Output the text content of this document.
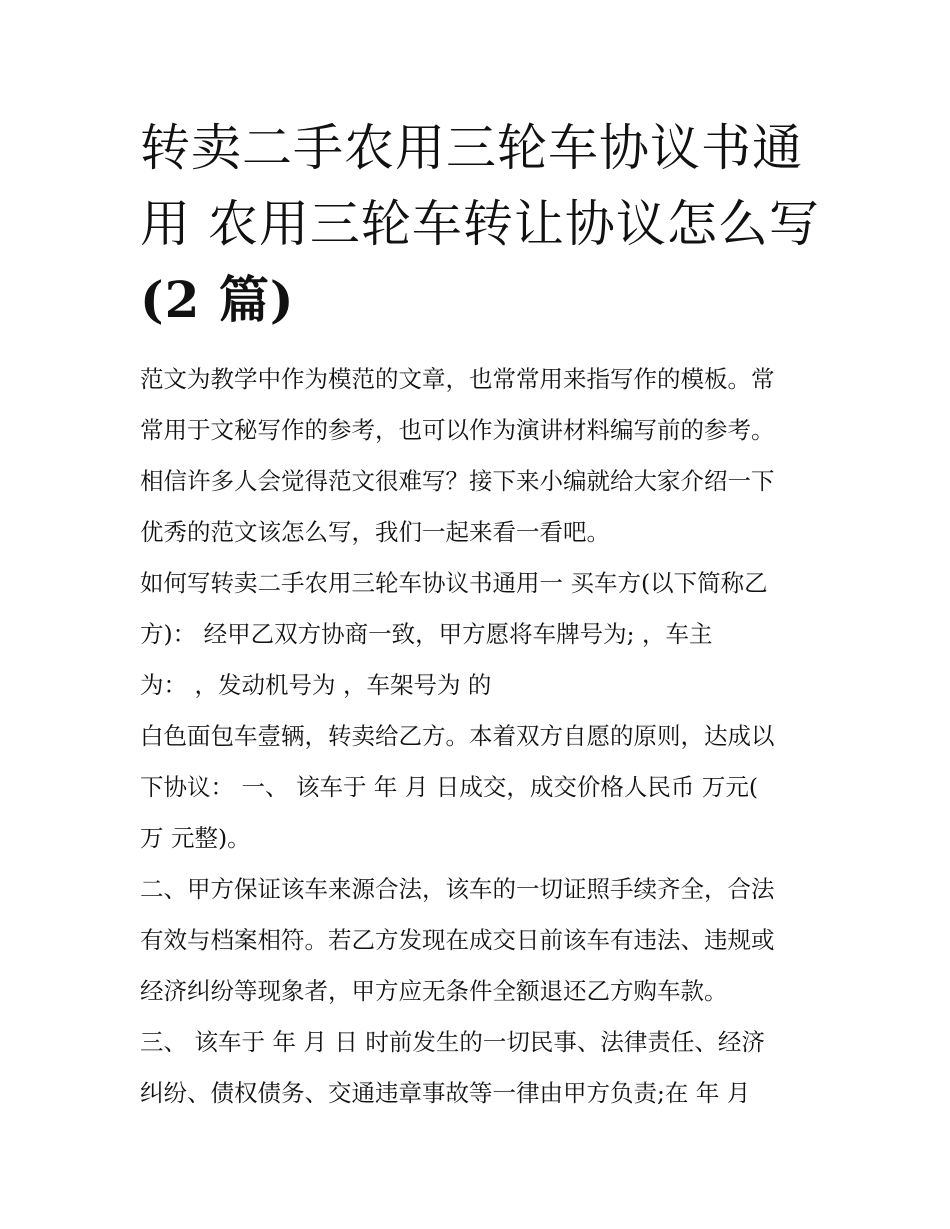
转卖二手农用三轮车协议书通
用 农用三轮车转让协议怎么写
(2 篇)
范文为教学中作为模范的文章，也常常用来指写作的模板。常
常用于文秘写作的参考，也可以作为演讲材料编写前的参考。
相信许多人会觉得范文很难写？接下来小编就给大家介绍一下
优秀的范文该怎么写，我们一起来看一看吧。
如何写转卖二手农用三轮车协议书通用一 买车方(以下简称乙
方)： 经甲乙双方协商一致，甲方愿将车牌号为; ，车主
为： ，发动机号为 ，车架号为 的
白色面包车壹辆，转卖给乙方。本着双方自愿的原则，达成以
下协议： 一、 该车于 年 月 日成交，成交价格人民币 万元(
万 元整)。
二、甲方保证该车来源合法，该车的一切证照手续齐全，合法
有效与档案相符。若乙方发现在成交日前该车有违法、违规或
经济纠纷等现象者，甲方应无条件全额退还乙方购车款。
三、 该车于 年 月 日 时前发生的一切民事、法律责任、经济
纠纷、债权债务、交通违章事故等一律由甲方负责;在 年 月
